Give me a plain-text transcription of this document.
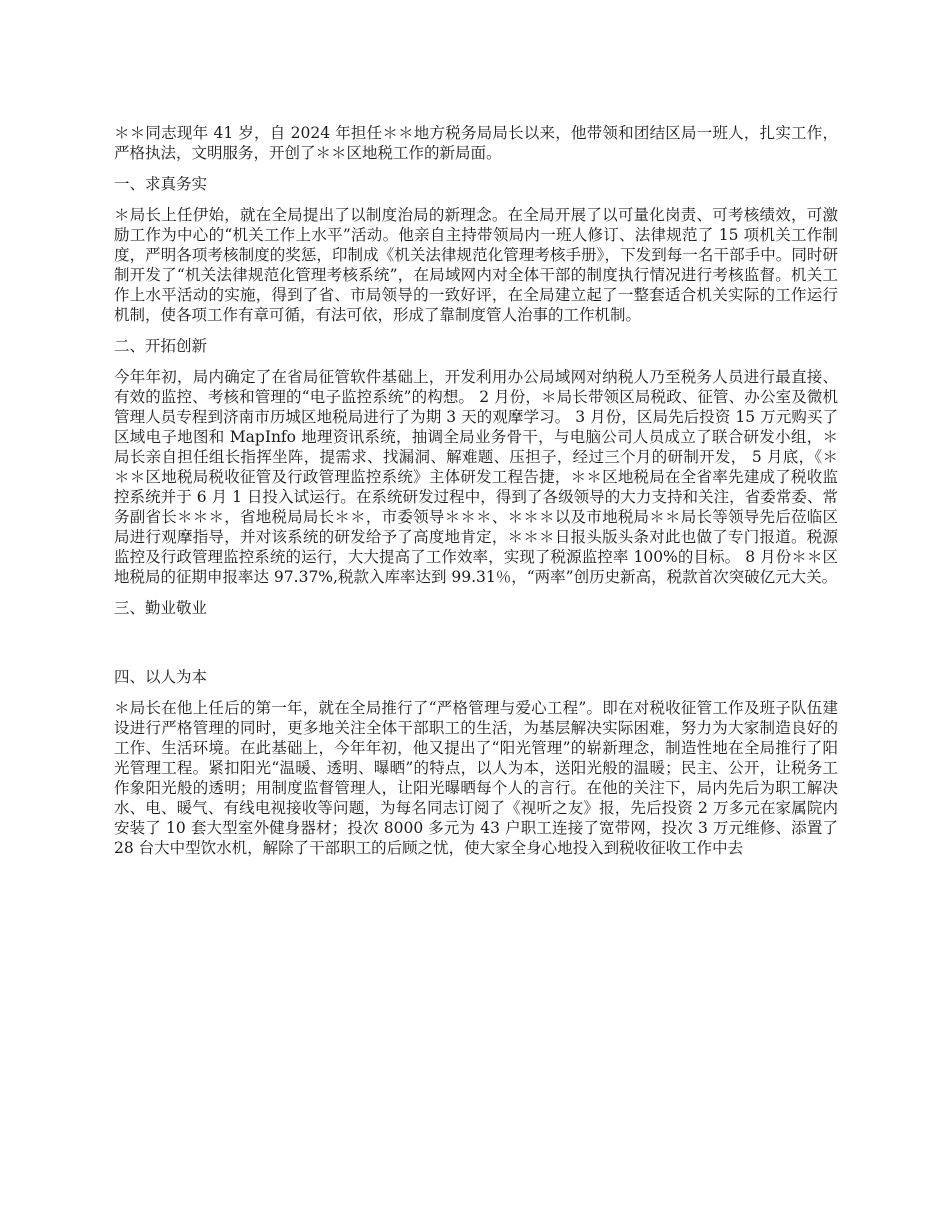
＊＊同志现年 41 岁，自 2024 年担任＊＊地方税务局局长以来，他带领和团结区局一班人，扎实工作，严格执法，文明服务，开创了＊＊区地税工作的新局面。

一、求真务实

＊局长上任伊始，就在全局提出了以制度治局的新理念。在全局开展了以可量化岗责、可考核绩效，可激励工作为中心的“机关工作上水平”活动。他亲自主持带领局内一班人修订、法律规范了 15 项机关工作制度，严明各项考核制度的奖惩，印制成《机关法律规范化管理考核手册》，下发到每一名干部手中。同时研制开发了“机关法律规范化管理考核系统”，在局域网内对全体干部的制度执行情况进行考核监督。机关工作上水平活动的实施，得到了省、市局领导的一致好评，在全局建立起了一整套适合机关实际的工作运行机制，使各项工作有章可循，有法可依，形成了靠制度管人治事的工作机制。

二、开拓创新

今年年初，局内确定了在省局征管软件基础上，开发利用办公局域网对纳税人乃至税务人员进行最直接、有效的监控、考核和管理的“电子监控系统”的构想。 2 月份，＊局长带领区局税政、征管、办公室及微机管理人员专程到济南市历城区地税局进行了为期 3 天的观摩学习。 3 月份，区局先后投资 15 万元购买了区域电子地图和 MapInfo 地理资讯系统，抽调全局业务骨干，与电脑公司人员成立了联合研发小组，＊局长亲自担任组长指挥坐阵，提需求、找漏洞、解难题、压担子，经过三个月的研制开发， 5 月底，《＊＊＊区地税局税收征管及行政管理监控系统》主体研发工程告捷，＊＊区地税局在全省率先建成了税收监控系统并于 6 月 1 日投入试运行。在系统研发过程中，得到了各级领导的大力支持和关注，省委常委、常务副省长＊＊＊，省地税局局长＊＊，市委领导＊＊＊、＊＊＊以及市地税局＊＊局长等领导先后莅临区局进行观摩指导，并对该系统的研发给予了高度地肯定，＊＊＊日报头版头条对此也做了专门报道。税源监控及行政管理监控系统的运行，大大提高了工作效率，实现了税源监控率 100%的目标。 8 月份＊＊区地税局的征期申报率达 97.37%,税款入库率达到 99.31％，“两率”创历史新高，税款首次突破亿元大关。

三、勤业敬业

四、以人为本

＊局长在他上任后的第一年，就在全局推行了“严格管理与爱心工程”。即在对税收征管工作及班子队伍建设进行严格管理的同时，更多地关注全体干部职工的生活，为基层解决实际困难，努力为大家制造良好的工作、生活环境。在此基础上，今年年初，他又提出了“阳光管理”的崭新理念，制造性地在全局推行了阳光管理工程。紧扣阳光“温暖、透明、曝晒”的特点，以人为本，送阳光般的温暖；民主、公开，让税务工作象阳光般的透明；用制度监督管理人，让阳光曝晒每个人的言行。在他的关注下，局内先后为职工解决水、电、暖气、有线电视接收等问题，为每名同志订阅了《视听之友》报，先后投资 2 万多元在家属院内安装了 10 套大型室外健身器材；投次 8000 多元为 43 户职工连接了宽带网，投次 3 万元维修、添置了 28 台大中型饮水机，解除了干部职工的后顾之忧，使大家全身心地投入到税收征收工作中去
